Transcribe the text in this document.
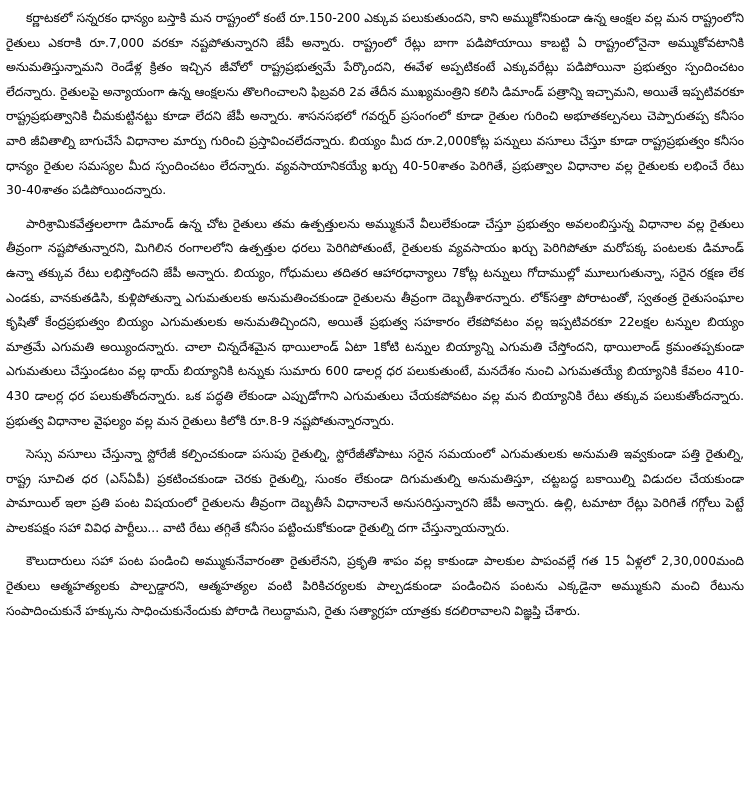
కర్ణాటకలో సన్నరకం ధాన్యం బస్తాకి మన రాష్ట్రంలో కంటే రూ.150-200 ఎక్కువ పలుకుతుందని, కాని అమ్ముకోనికుండా ఉన్న ఆంక్షల వల్ల మన రాష్ట్రంలోని రైతులు ఎకరాకి రూ.7,000 వరకూ నష్టపోతున్నారని జేపీ అన్నారు. రాష్ట్రంలో రేట్లు బాగా పడిపోయాయి కాబట్టి ఏ రాష్ట్రంలోనైనా అమ్ముకోవటానికి అనుమతిస్తున్నామని రెండేళ్ల క్రితం ఇచ్చిన జీవోలో రాష్ట్రప్రభుత్వమే పేర్కొందని, ఈవేళ అప్పటికంటే ఎక్కువరేట్లు పడిపోయినా ప్రభుత్వం స్పందించటం లేదన్నారు. రైతులపై అన్యాయంగా ఉన్న ఆంక్షలను తొలగించాలని ఫిబ్రవరి 2వ తేదీన ముఖ్యమంత్రిని కలిసి డిమాండ్ పత్రాన్ని ఇచ్చామని, అయితే ఇప్పటివరకూ రాష్ట్రప్రభుత్వానికి చీమకుట్టినట్టు కూడా లేదని జేపీ అన్నారు. శాసనసభలో గవర్నర్ ప్రసంగంలో కూడా రైతుల గురించి అభూతకల్పనలు చెప్పారుతప్ప కనీసం వారి జీవితాల్ని బాగుచేసే విధానాల మార్పు గురించి ప్రస్తావించలేదన్నారు. బియ్యం మీద రూ.2,000కోట్ల పన్నులు వసూలు చేస్తూ కూడా రాష్ట్రప్రభుత్వం కనీసం ధాన్యం రైతుల సమస్యల మీద స్పందించటం లేదన్నారు. వ్యవసాయానికయ్యే ఖర్చు 40-50శాతం పెరిగితే, ప్రభుత్వాల విధానాల వల్ల రైతులకు లభించే రేటు 30-40శాతం పడిపోయిందన్నారు.

పారిశ్రామికవేత్తలలాగా డిమాండ్ ఉన్న చోట రైతులు తమ ఉత్పత్తులను అమ్ముకునే వీలులేకుండా చేస్తూ ప్రభుత్వం అవలంబిస్తున్న విధానాల వల్ల రైతులు తీవ్రంగా నష్టపోతున్నారని, మిగిలిన రంగాలలోని ఉత్పత్తుల ధరలు పెరిగిపోతుంటే, రైతులకు వ్యవసాయం ఖర్చు పెరిగిపోతూ మరోపక్క పంటలకు డిమాండ్ ఉన్నా తక్కువ రేటు లభిస్తోందని జేపీ అన్నారు. బియ్యం, గోధుమలు తదితర ఆహారధాన్యాలు 7కోట్ల టన్నులు గోదాముల్లో మూలుగుతున్నా, సరైన రక్షణ లేక ఎండకు, వానకుతడిసి, కుళ్లిపోతున్నా ఎగుమతులకు అనుమతించకుండా రైతులను తీవ్రంగా దెబ్బతీశారన్నారు. లోక్‌సత్తా పోరాటంతో, స్వతంత్ర రైతుసంఘాల కృషితో కేంద్రప్రభుత్వం బియ్యం ఎగుమతులకు అనుమతిచ్చిందని, అయితే ప్రభుత్వ సహకారం లేకపోవటం వల్ల ఇప్పటివరకూ 22లక్షల టన్నుల బియ్యం మాత్రమే ఎగుమతి అయ్యిందన్నారు. చాలా చిన్నదేశమైన థాయిలాండ్ ఏటా 1కోటి టన్నుల బియ్యాన్ని ఎగుమతి చేస్తోందని, థాయిలాండ్ క్రమంతప్పకుండా ఎగుమతులు చేస్తుండటం వల్ల థాయ్ బియ్యానికి టన్నుకు సుమారు 600 డాలర్ల ధర పలుకుతుంటే, మనదేశం నుంచి ఎగుమతయ్యే బియ్యానికి కేవలం 410-430 డాలర్ల ధర పలుకుతోందన్నారు. ఒక పద్ధతి లేకుండా ఎప్పుడోగాని ఎగుమతులు చేయకపోవటం వల్ల మన బియ్యానికి రేటు తక్కువ పలుకుతోందన్నారు. ప్రభుత్వ విధానాల వైఫల్యం వల్ల మన రైతులు కిలోకి రూ.8-9 నష్టపోతున్నారన్నారు.

సెస్సు వసూలు చేస్తున్నా స్టోరేజీ కల్పించకుండా పసుపు రైతుల్ని, స్టోరేజీతోపాటు సరైన సమయంలో ఎగుమతులకు అనుమతి ఇవ్వకుండా పత్తి రైతుల్ని, రాష్ట్ర సూచిత ధర (ఎస్ఏపీ) ప్రకటించకుండా చెరకు రైతుల్ని, సుంకం లేకుండా దిగుమతుల్ని అనుమతిస్తూ, చట్టబద్ధ బకాయిల్ని విడుదల చేయకుండా పామాయిల్ ఇలా ప్రతి పంట విషయంలో రైతులను తీవ్రంగా దెబ్బతీసే విధానాలనే అనుసరిస్తున్నారని జేపీ అన్నారు. ఉల్లి, టమాటా రేట్లు పెరిగితే గగ్గోలు పెట్టే పాలకపక్షం సహా వివిధ పార్టీలు... వాటి రేటు తగ్గితే కనీసం పట్టించుకోకుండా రైతుల్ని దగా చేస్తున్నాయన్నారు.

కౌలుదారులు సహా పంట పండించి అమ్ముకునేవారంతా రైతులేనని, ప్రకృతి శాపం వల్ల కాకుండా పాలకుల పాపంవల్లే గత 15 ఏళ్లలో 2,30,000మంది రైతులు ఆత్మహత్యలకు పాల్పడ్డారని, ఆత్మహత్యల వంటి పిరికిచర్యలకు పాల్పడకుండా పండించిన పంటను ఎక్కడైనా అమ్ముకుని మంచి రేటును సంపాదించుకునే హక్కును సాధించుకునేందుకు పోరాడి గెలుద్దామని, రైతు సత్యాగ్రహ యాత్రకు కదలిరావాలని విజ్ఞప్తి చేశారు.
